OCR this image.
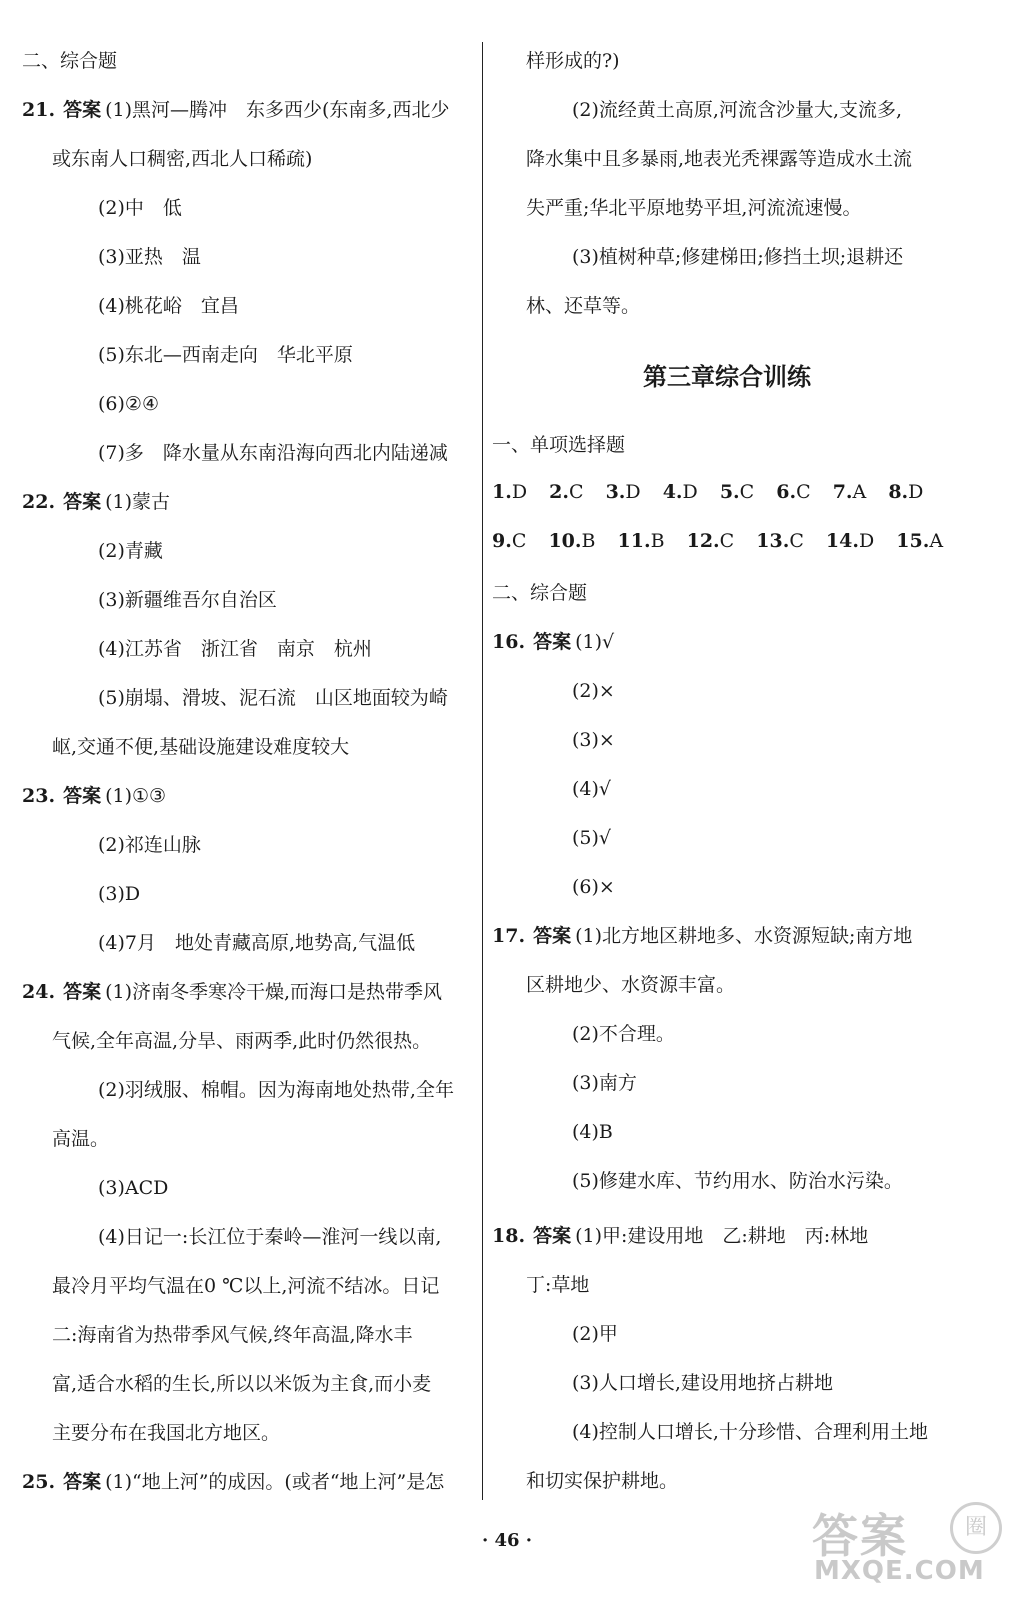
二、综合题
21. 答案 (1)黑河—腾冲　东多西少(东南多,西北少
或东南人口稠密,西北人口稀疏)
(2)中　低
(3)亚热　温
(4)桃花峪　宜昌
(5)东北—西南走向　华北平原
(6)②④
(7)多　降水量从东南沿海向西北内陆递减
22. 答案 (1)蒙古
(2)青藏
(3)新疆维吾尔自治区
(4)江苏省　浙江省　南京　杭州
(5)崩塌、滑坡、泥石流　山区地面较为崎
岖,交通不便,基础设施建设难度较大
23. 答案 (1)①③
(2)祁连山脉
(3)D
(4)7月　地处青藏高原,地势高,气温低
24. 答案 (1)济南冬季寒冷干燥,而海口是热带季风
气候,全年高温,分旱、雨两季,此时仍然很热。
(2)羽绒服、棉帽。因为海南地处热带,全年
高温。
(3)ACD
(4)日记一:长江位于秦岭—淮河一线以南,
最冷月平均气温在0 ℃以上,河流不结冰。日记
二:海南省为热带季风气候,终年高温,降水丰
富,适合水稻的生长,所以以米饭为主食,而小麦
主要分布在我国北方地区。
25. 答案 (1)“地上河”的成因。(或者“地上河”是怎
样形成的?)
(2)流经黄土高原,河流含沙量大,支流多,
降水集中且多暴雨,地表光秃裸露等造成水土流
失严重;华北平原地势平坦,河流流速慢。
(3)植树种草;修建梯田;修挡土坝;退耕还
林、还草等。
第三章综合训练
一、单项选择题
1.D 2.C 3.D 4.D 5.C 6.C 7.A 8.D
9.C 10.B 11.B 12.C 13.C 14.D 15.A
二、综合题
16. 答案 (1)√
(2)×
(3)×
(4)√
(5)√
(6)×
17. 答案 (1)北方地区耕地多、水资源短缺;南方地
区耕地少、水资源丰富。
(2)不合理。
(3)南方
(4)B
(5)修建水库、节约用水、防治水污染。
18. 答案 (1)甲:建设用地　乙:耕地　丙:林地
丁:草地
(2)甲
(3)人口增长,建设用地挤占耕地
(4)控制人口增长,十分珍惜、合理利用土地
和切实保护耕地。
· 46 ·	答案	圈
MXQE.COM
